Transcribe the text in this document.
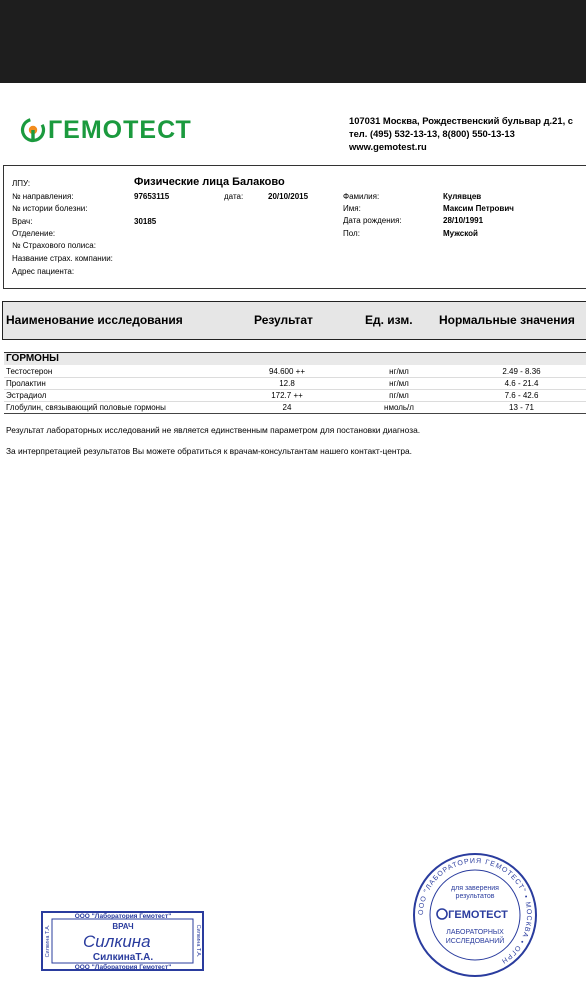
ГЕМОТЕСТ	107031 Москва, Рождественский бульвар д.21, с
тел. (495) 532-13-13, 8(800) 550-13-13
www.gemotest.ru
ЛПУ:	Физические лица Балаково
№ направления:	97653115	дата:	20/10/2015
№ истории болезни:
Врач:	30185
Отделение:
№ Страхового полиса:
Название страх. компании:
Адрес пациента:
Фамилия:	Кулявцев
Имя:	Максим Петрович
Дата рождения:	28/10/1991
Пол:	Мужской
Наименование исследования	Результат	Ед. изм. Нормальные значения
ГОРМОНЫ
Тестостерон	94.600 ++	нг/мл	2.49 - 8.36
Пролактин	12.8	нг/мл	4.6 - 21.4
Эстрадиол	172.7 ++	пг/мл	7.6 - 42.6
Глобулин, связывающий половые гормоны	24	нмоль/л	13 - 71
Результат лабораторных исследований не является единственным параметром для постановки диагноза.
За интерпретацией результатов Вы можете обратиться к врачам-консультантам нашего контакт-центра.
ООО "Лаборатория Гемотест"
ВРАЧ
Силкина
СилкинаТ.А.
ООО "Лаборатория Гемотест"
Силкина Т.А.	Силкина Т.А.
ООО "ЛАБОРАТОРИЯ ГЕМОТЕСТ" • МОСКВА • ОГРН
для заверения
результатов
ГЕМОТЕСТ
ЛАБОРАТОРНЫХ
ИССЛЕДОВАНИЙ
